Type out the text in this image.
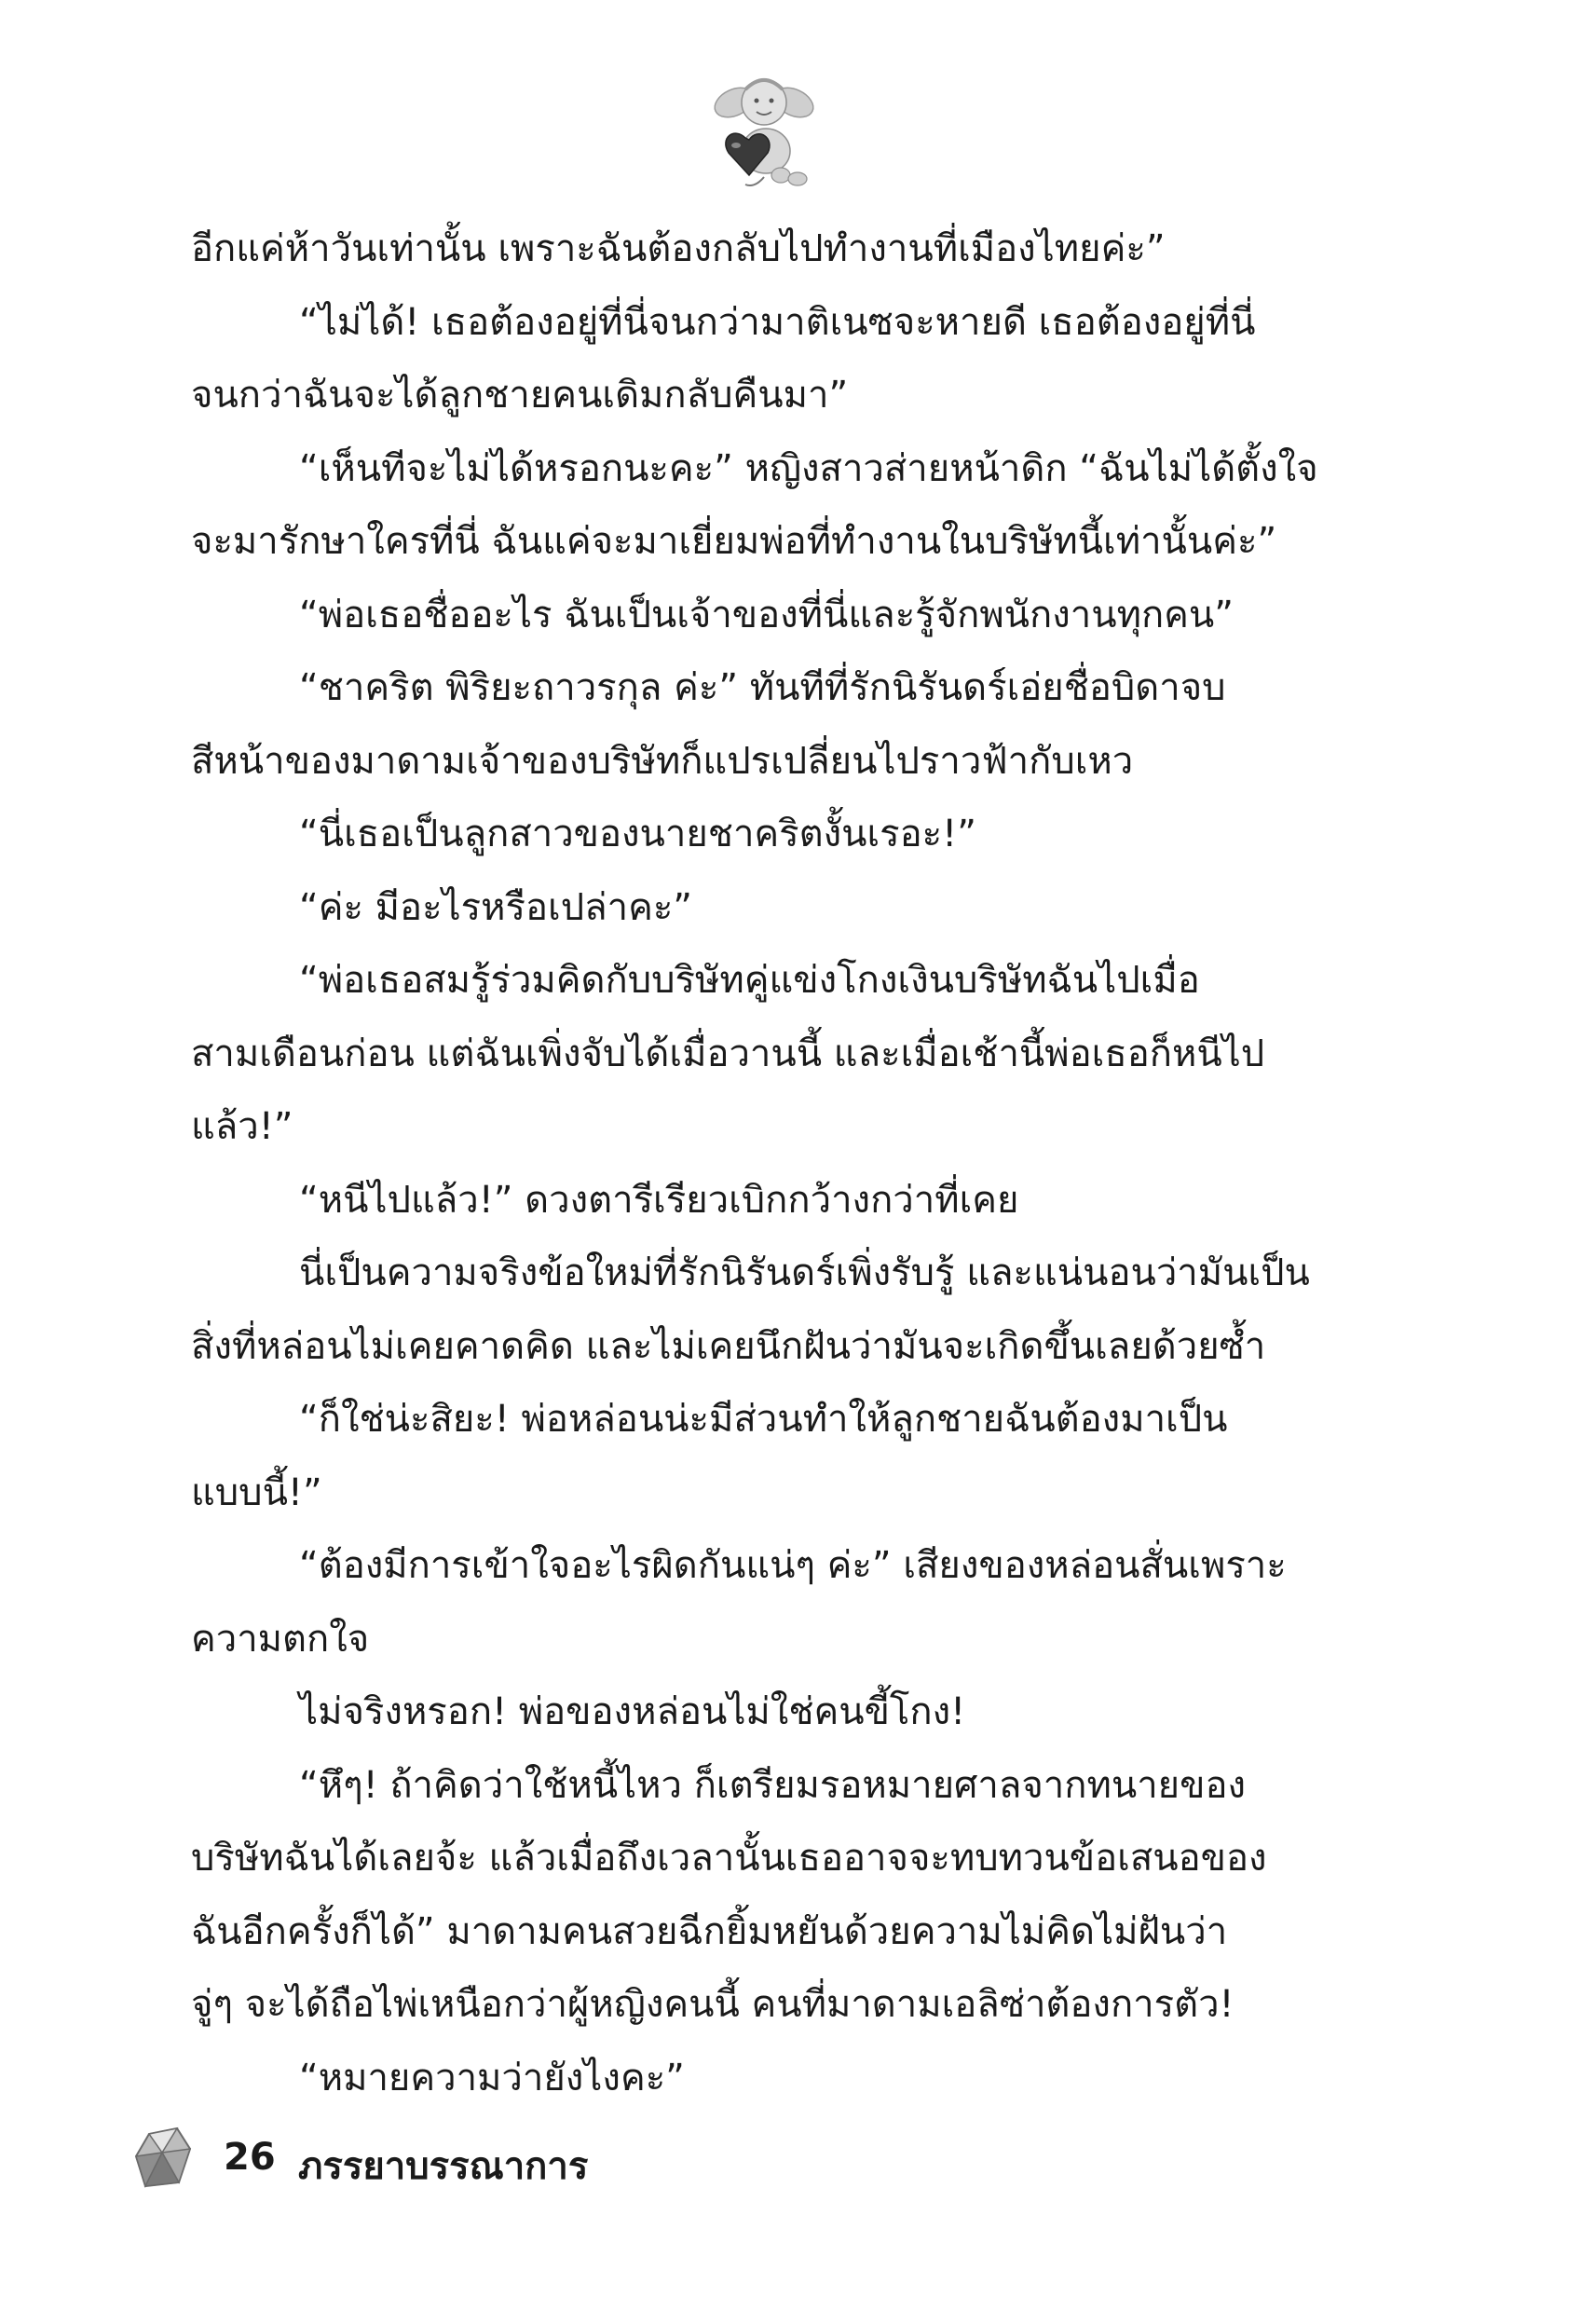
อีกแค่ห้าวันเท่านั้น เพราะฉันต้องกลับไปทำงานที่เมืองไทยค่ะ”
“ไม่ได้! เธอต้องอยู่ที่นี่จนกว่ามาติเนซจะหายดี เธอต้องอยู่ที่นี่
จนกว่าฉันจะได้ลูกชายคนเดิมกลับคืนมา”
“เห็นทีจะไม่ได้หรอกนะคะ” หญิงสาวส่ายหน้าดิก “ฉันไม่ได้ตั้งใจ
จะมารักษาใครที่นี่ ฉันแค่จะมาเยี่ยมพ่อที่ทำงานในบริษัทนี้เท่านั้นค่ะ”
“พ่อเธอชื่ออะไร ฉันเป็นเจ้าของที่นี่และรู้จักพนักงานทุกคน”
“ชาคริต พิริยะถาวรกุล ค่ะ” ทันทีที่รักนิรันดร์เอ่ยชื่อบิดาจบ
สีหน้าของมาดามเจ้าของบริษัทก็แปรเปลี่ยนไปราวฟ้ากับเหว
“นี่เธอเป็นลูกสาวของนายชาคริตงั้นเรอะ!”
“ค่ะ มีอะไรหรือเปล่าคะ”
“พ่อเธอสมรู้ร่วมคิดกับบริษัทคู่แข่งโกงเงินบริษัทฉันไปเมื่อ
สามเดือนก่อน แต่ฉันเพิ่งจับได้เมื่อวานนี้ และเมื่อเช้านี้พ่อเธอก็หนีไป
แล้ว!”
“หนีไปแล้ว!” ดวงตารีเรียวเบิกกว้างกว่าที่เคย
นี่เป็นความจริงข้อใหม่ที่รักนิรันดร์เพิ่งรับรู้ และแน่นอนว่ามันเป็น
สิ่งที่หล่อนไม่เคยคาดคิด และไม่เคยนึกฝันว่ามันจะเกิดขึ้นเลยด้วยซ้ำ
“ก็ใช่น่ะสิยะ! พ่อหล่อนน่ะมีส่วนทำให้ลูกชายฉันต้องมาเป็น
แบบนี้!”
“ต้องมีการเข้าใจอะไรผิดกันแน่ๆ ค่ะ” เสียงของหล่อนสั่นเพราะ
ความตกใจ
ไม่จริงหรอก! พ่อของหล่อนไม่ใช่คนขี้โกง!
“หึๆ! ถ้าคิดว่าใช้หนี้ไหว ก็เตรียมรอหมายศาลจากทนายของ
บริษัทฉันได้เลยจ้ะ แล้วเมื่อถึงเวลานั้นเธออาจจะทบทวนข้อเสนอของ
ฉันอีกครั้งก็ได้” มาดามคนสวยฉีกยิ้มหยันด้วยความไม่คิดไม่ฝันว่า
จู่ๆ จะได้ถือไพ่เหนือกว่าผู้หญิงคนนี้ คนที่มาดามเอลิซ่าต้องการตัว!
“หมายความว่ายังไงคะ”
26 ภรรยาบรรณาการ
